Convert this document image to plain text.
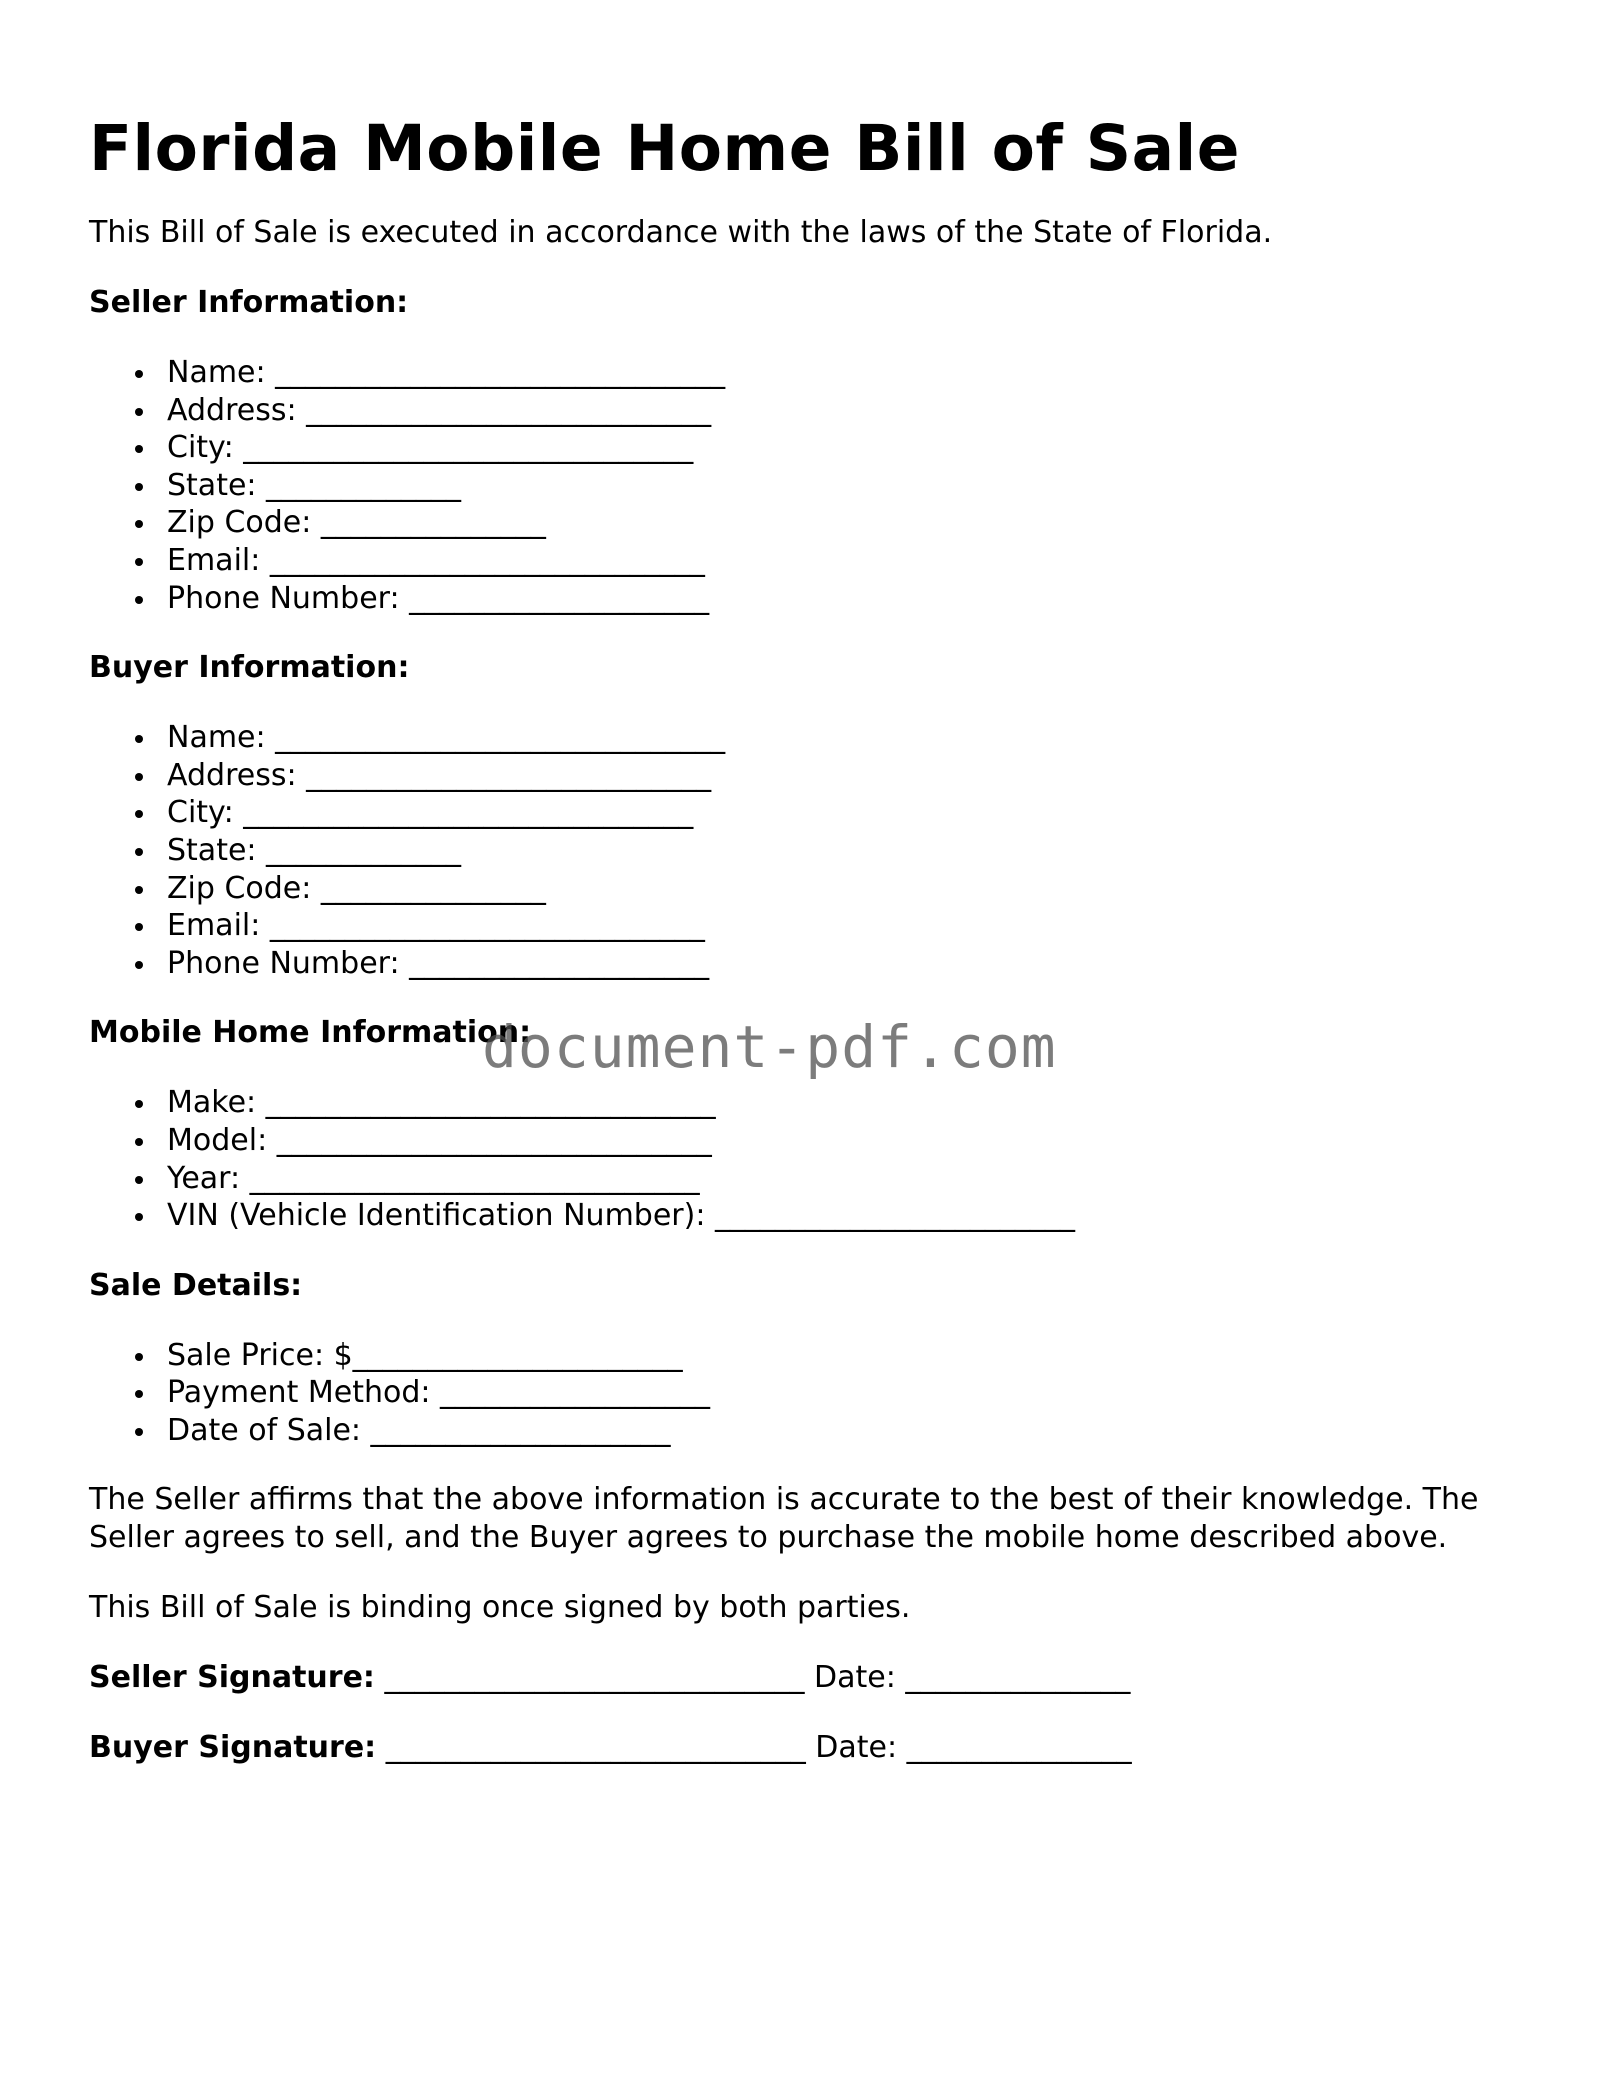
Florida Mobile Home Bill of Sale

This Bill of Sale is executed in accordance with the laws of the State of Florida.

Seller Information:
Name: ______________________________
Address: ___________________________
City: ______________________________
State: _____________
Zip Code: _______________
Email: _____________________________
Phone Number: ____________________
Buyer Information:
Name: ______________________________
Address: ___________________________
City: ______________________________
State: _____________
Zip Code: _______________
Email: _____________________________
Phone Number: ____________________
Mobile Home Information:
Make: ______________________________
Model: _____________________________
Year: ______________________________
VIN (Vehicle Identification Number): ________________________
Sale Details:
Sale Price: $______________________
Payment Method: __________________
Date of Sale: ____________________

The Seller affirms that the above information is accurate to the best of their knowledge. The Seller agrees to sell, and the Buyer agrees to purchase the mobile home described above.

This Bill of Sale is binding once signed by both parties.

Seller Signature: ____________________________ Date: _______________
Buyer Signature: ____________________________ Date: _______________
document-pdf.com
